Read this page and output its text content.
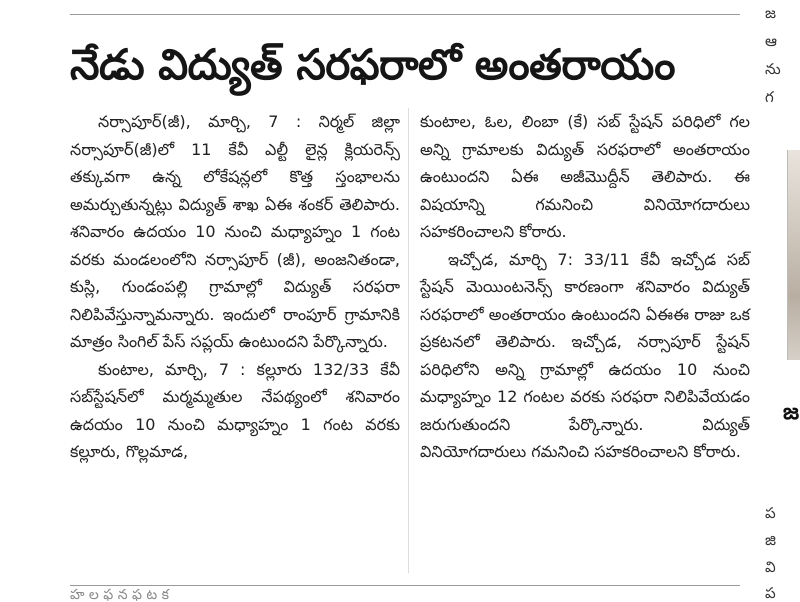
నేడు విద్యుత్ సరఫరాలో అంతరాయం

నర్సాపూర్(జీ), మార్చి, 7 : నిర్మల్ జిల్లా నర్సాపూర్(జీ)లో 11 కేవీ ఎల్టీ లైన్ల క్లియరెన్స్ తక్కువగా ఉన్న లోకేషన్లలో కొత్త స్తంభాలను అమర్చుతున్నట్లు విద్యుత్ శాఖ ఏఈ శంకర్ తెలిపారు. శనివారం ఉదయం 10 నుంచి మధ్యాహ్నం 1 గంట వరకు మండలంలోని నర్సాపూర్ (జీ), అంజనితండా, కుస్లి, గుండంపల్లి గ్రామాల్లో విద్యుత్ సరఫరా నిలిపివేస్తున్నామన్నారు. ఇందులో రాంపూర్ గ్రామానికి మాత్రం సింగిల్ పేస్ సప్లయ్ ఉంటుందని పేర్కొన్నారు.

కుంటాల, మార్చి, 7 : కల్లూరు 132/33 కేవీ సబ్‌స్టేషన్‌లో మర్మమ్మతుల నేపథ్యంలో శనివారం ఉదయం 10 నుంచి మధ్యాహ్నం 1 గంట వరకు కల్లూరు, గొల్లమాడ,

కుంటాల, ఓల, లింబా (కే) సబ్ స్టేషన్ పరిధిలో గల అన్ని గ్రామాలకు విద్యుత్ సరఫరాలో అంతరాయం ఉంటుందని ఏఈ అజీమొద్దీన్ తెలిపారు. ఈ విషయాన్ని గమనించి వినియోగదారులు సహకరించాలని కోరారు.

ఇచ్చోడ, మార్చి 7: 33/11 కేవీ ఇచ్చోడ సబ్ స్టేషన్ మెయింటనెన్స్ కారణంగా శనివారం విద్యుత్ సరఫరాలో అంతరాయం ఉంటుందని ఏఈఈ రాజు ఒక ప్రకటనలో తెలిపారు. ఇచ్చోడ, నర్సాపూర్ స్టేషన్ పరిధిలోని అన్ని గ్రామాల్లో ఉదయం 10 నుంచి మధ్యాహ్నం 12 గంటల వరకు సరఫరా నిలిపివేయడం జరుగుతుందని పేర్కొన్నారు. విద్యుత్ వినియోగదారులు గమనించి సహకరించాలని కోరారు.

హ ల ఫ న ఫ ట క
జ
ఆ
ను
గ
జ
ప
జి
వి
ప
